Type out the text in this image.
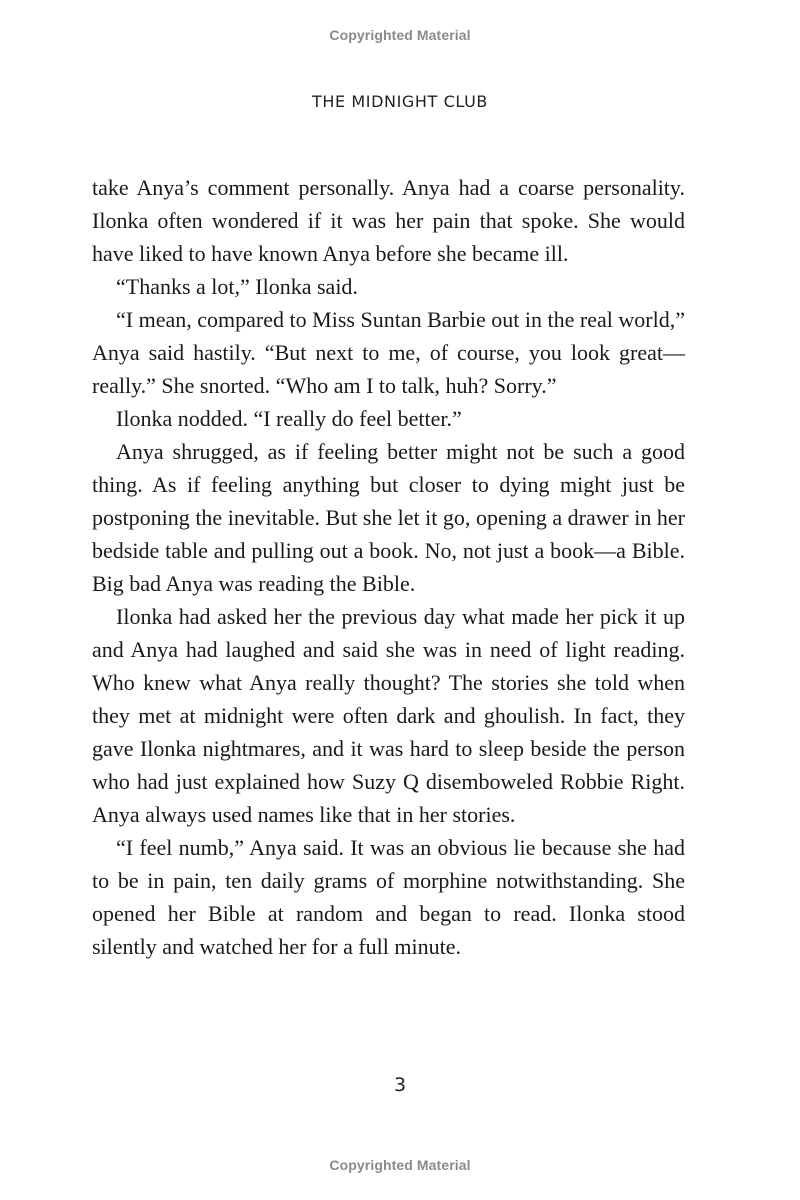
Copyrighted Material
THE MIDNIGHT CLUB

take Anya’s comment personally. Anya had a coarse personality. Ilonka often wondered if it was her pain that spoke. She would have liked to have known Anya before she became ill.

“Thanks a lot,” Ilonka said.

“I mean, compared to Miss Suntan Barbie out in the real world,” Anya said hastily. “But next to me, of course, you look great—really.” She snorted. “Who am I to talk, huh? Sorry.”

Ilonka nodded. “I really do feel better.”

Anya shrugged, as if feeling better might not be such a good thing. As if feeling anything but closer to dying might just be postponing the inevitable. But she let it go, opening a drawer in her bedside table and pulling out a book. No, not just a book—a Bible. Big bad Anya was reading the Bible.

Ilonka had asked her the previous day what made her pick it up and Anya had laughed and said she was in need of light reading. Who knew what Anya really thought? The stories she told when they met at midnight were often dark and ghoulish. In fact, they gave Ilonka nightmares, and it was hard to sleep beside the person who had just explained how Suzy Q disemboweled Robbie Right. Anya always used names like that in her stories.

“I feel numb,” Anya said. It was an obvious lie because she had to be in pain, ten daily grams of morphine notwithstanding. She opened her Bible at random and began to read. Ilonka stood silently and watched her for a full minute.

3
Copyrighted Material
